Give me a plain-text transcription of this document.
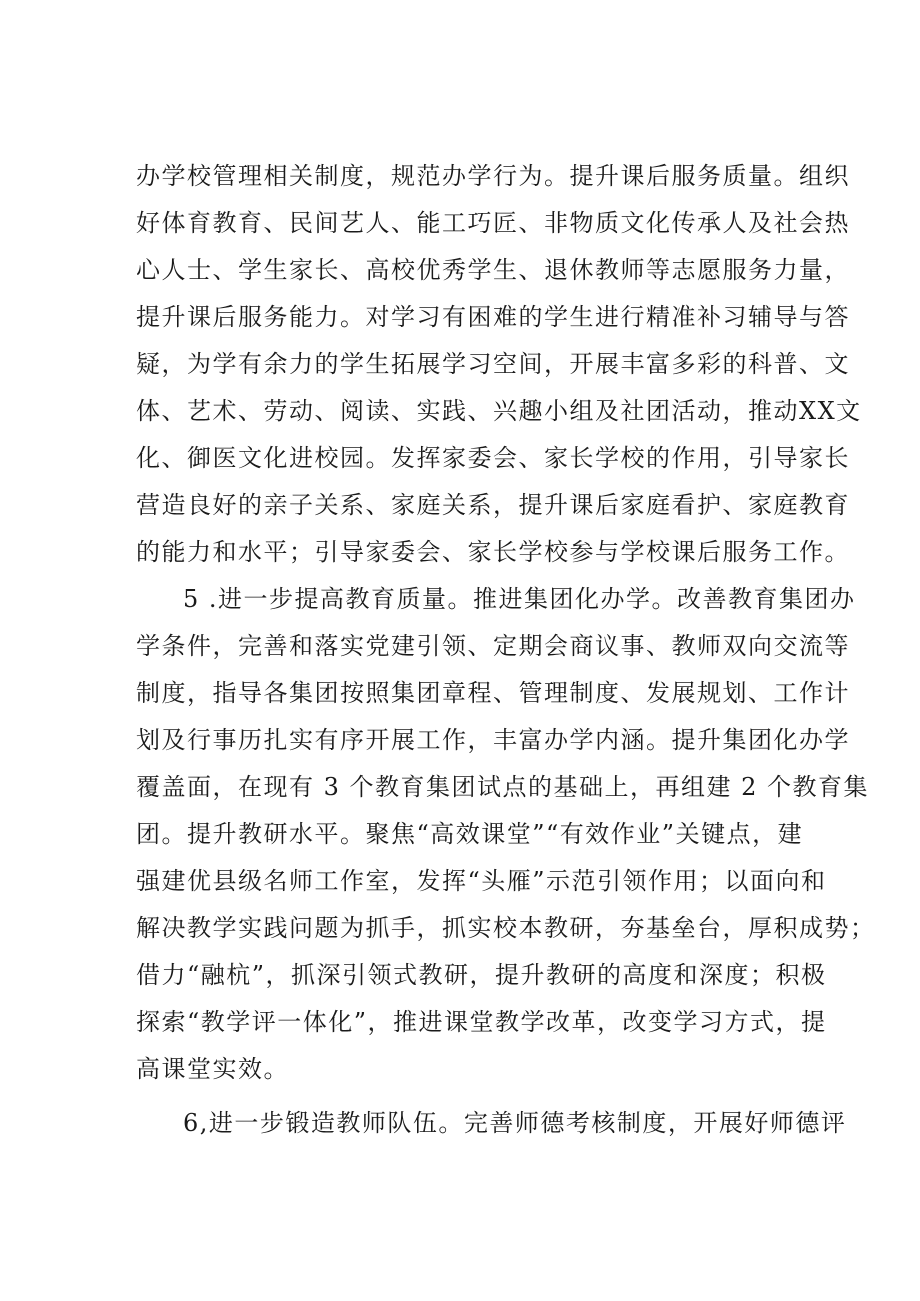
办学校管理相关制度，规范办学行为。提升课后服务质量。组织

好体育教育、民间艺人、能工巧匠、非物质文化传承人及社会热

心人士、学生家长、高校优秀学生、退休教师等志愿服务力量，

提升课后服务能力。对学习有困难的学生进行精准补习辅导与答

疑，为学有余力的学生拓展学习空间，开展丰富多彩的科普、文

体、艺术、劳动、阅读、实践、兴趣小组及社团活动，推动XX文

化、御医文化进校园。发挥家委会、家长学校的作用，引导家长

营造良好的亲子关系、家庭关系，提升课后家庭看护、家庭教育

的能力和水平；引导家委会、家长学校参与学校课后服务工作。

5 .进一步提高教育质量。推进集团化办学。改善教育集团办

学条件，完善和落实党建引领、定期会商议事、教师双向交流等

制度，指导各集团按照集团章程、管理制度、发展规划、工作计

划及行事历扎实有序开展工作，丰富办学内涵。提升集团化办学

覆盖面，在现有 3 个教育集团试点的基础上，再组建 2 个教育集

团。提升教研水平。聚焦“高效课堂”“有效作业”关键点，建

强建优县级名师工作室，发挥“头雁”示范引领作用；以面向和

解决教学实践问题为抓手，抓实校本教研，夯基垒台，厚积成势；

借力“融杭”，抓深引领式教研，提升教研的高度和深度；积极

探索“教学评一体化”，推进课堂教学改革，改变学习方式，提

高课堂实效。

6,进一步锻造教师队伍。完善师德考核制度，开展好师德评
